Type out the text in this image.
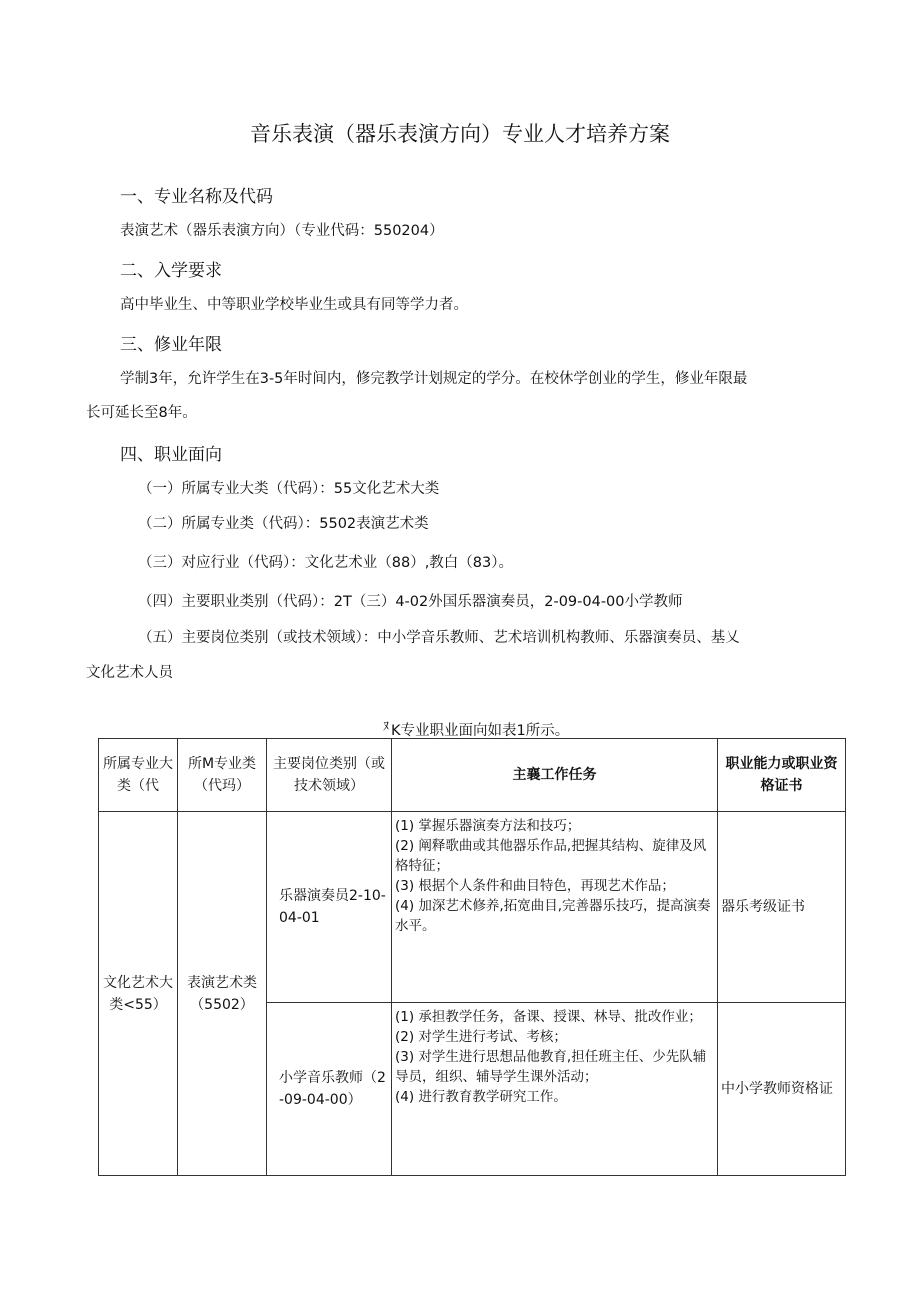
音乐表演（器乐表演方向）专业人才培养方案
一、专业名称及代码
表演艺术（器乐表演方向）（专业代码：550204）
二、入学要求
高中毕业生、中等职业学校毕业生或具有同等学力者。
三、修业年限
学制3年，允许学生在3-5年时间内，修完教学计划规定的学分。在校休学创业的学生，修业年限最
长可延长至8年。
四、职业面向
（一）所属专业大类（代码）：55文化艺术大类
（二）所属专业类（代码）：5502表演艺术类
（三）对应行业（代码）：文化艺术业（88）,教白（83）。
（四）主要职业类别（代码）：2T（三）4-02外国乐器演奏员，2-09-04-00小学教师
（五）主要岗位类别（或技术领域）：中小学音乐教师、艺术培训机构教师、乐器演奏员、基乂
文化艺术人员
ﾇ K专业职业面向如表1所示。
所属专业大类（代	所M专业类（代玛）	主要岗位类别（或技术领域）	主襄工作任务	职业能力或职业资格证书
文化艺术大类<55）	表演艺术类（5502）	乐器演奏员2-10-04-01	(1) 掌握乐器演奏方法和技巧；
(2) 阐释歌曲或其他器乐作品,把握其结构、旋律及风格特征；
(3) 根据个人条件和曲目特色，再现艺术作品；
(4) 加深艺术修养,拓宽曲目,完善器乐技巧，提高演奏水平。	器乐考级证书
		小学音乐教师（2-09-04-00）	(1) 承担教学任务，备课、授课、林导、批改作业；
(2) 对学生进行考试、考核；
(3) 对学生进行思想品他教育,担任班主任、少先队辅导员，组织、辅导学生课外活动；
(4) 进行教育教学研究工作。	中小学教师资格证
